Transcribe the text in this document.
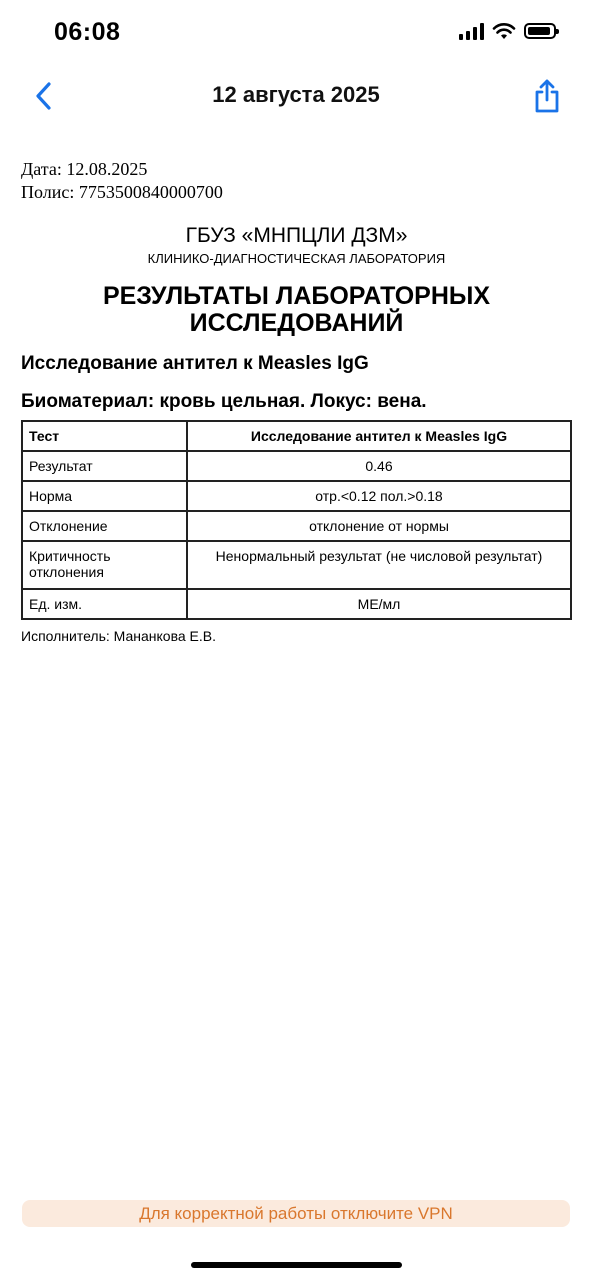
06:08
12 августа 2025
Дата: 12.08.2025
Полис: 7753500840000700
ГБУЗ «МНПЦЛИ ДЗМ»
КЛИНИКО-ДИАГНОСТИЧЕСКАЯ ЛАБОРАТОРИЯ
РЕЗУЛЬТАТЫ ЛАБОРАТОРНЫХ ИССЛЕДОВАНИЙ
Исследование антител к Measles IgG
Биоматериал: кровь цельная. Локус: вена.
Тест	Исследование антител к Measles IgG
Результат	0.46
Норма	отр.<0.12 пол.>0.18
Отклонение	отклонение от нормы
Критичность отклонения	Ненормальный результат (не числовой результат)
Ед. изм.	МЕ/мл
Исполнитель: Мананкова Е.В.
Для корректной работы отключите VPN
